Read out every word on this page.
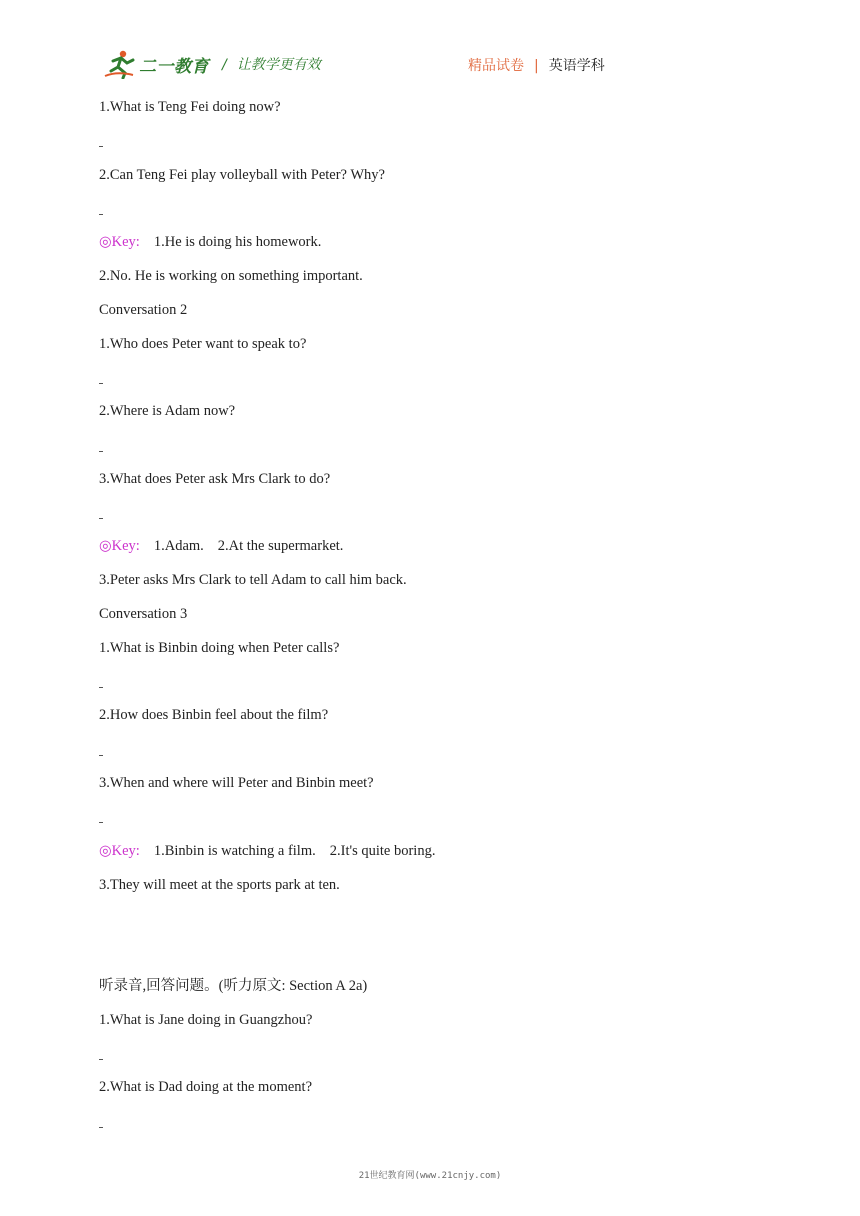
二一教育 / 让教学更有效	精品试卷 | 英语学科
1.What is Teng Fei doing now?
2.Can Teng Fei play volleyball with Peter? Why?
◎Key: 1.He is doing his homework.
2.No. He is working on something important.
Conversation 2
1.Who does Peter want to speak to?
2.Where is Adam now?
3.What does Peter ask Mrs Clark to do?
◎Key: 1.Adam. 2.At the supermarket.
3.Peter asks Mrs Clark to tell Adam to call him back.
Conversation 3
1.What is Binbin doing when Peter calls?
2.How does Binbin feel about the film?
3.When and where will Peter and Binbin meet?
◎Key: 1.Binbin is watching a film. 2.It's quite boring.
3.They will meet at the sports park at ten.
听录音,回答问题。(听力原文: Section A 2a)
1.What is Jane doing in Guangzhou?
2.What is Dad doing at the moment?
21世纪教育网(www.21cnjy.com)
